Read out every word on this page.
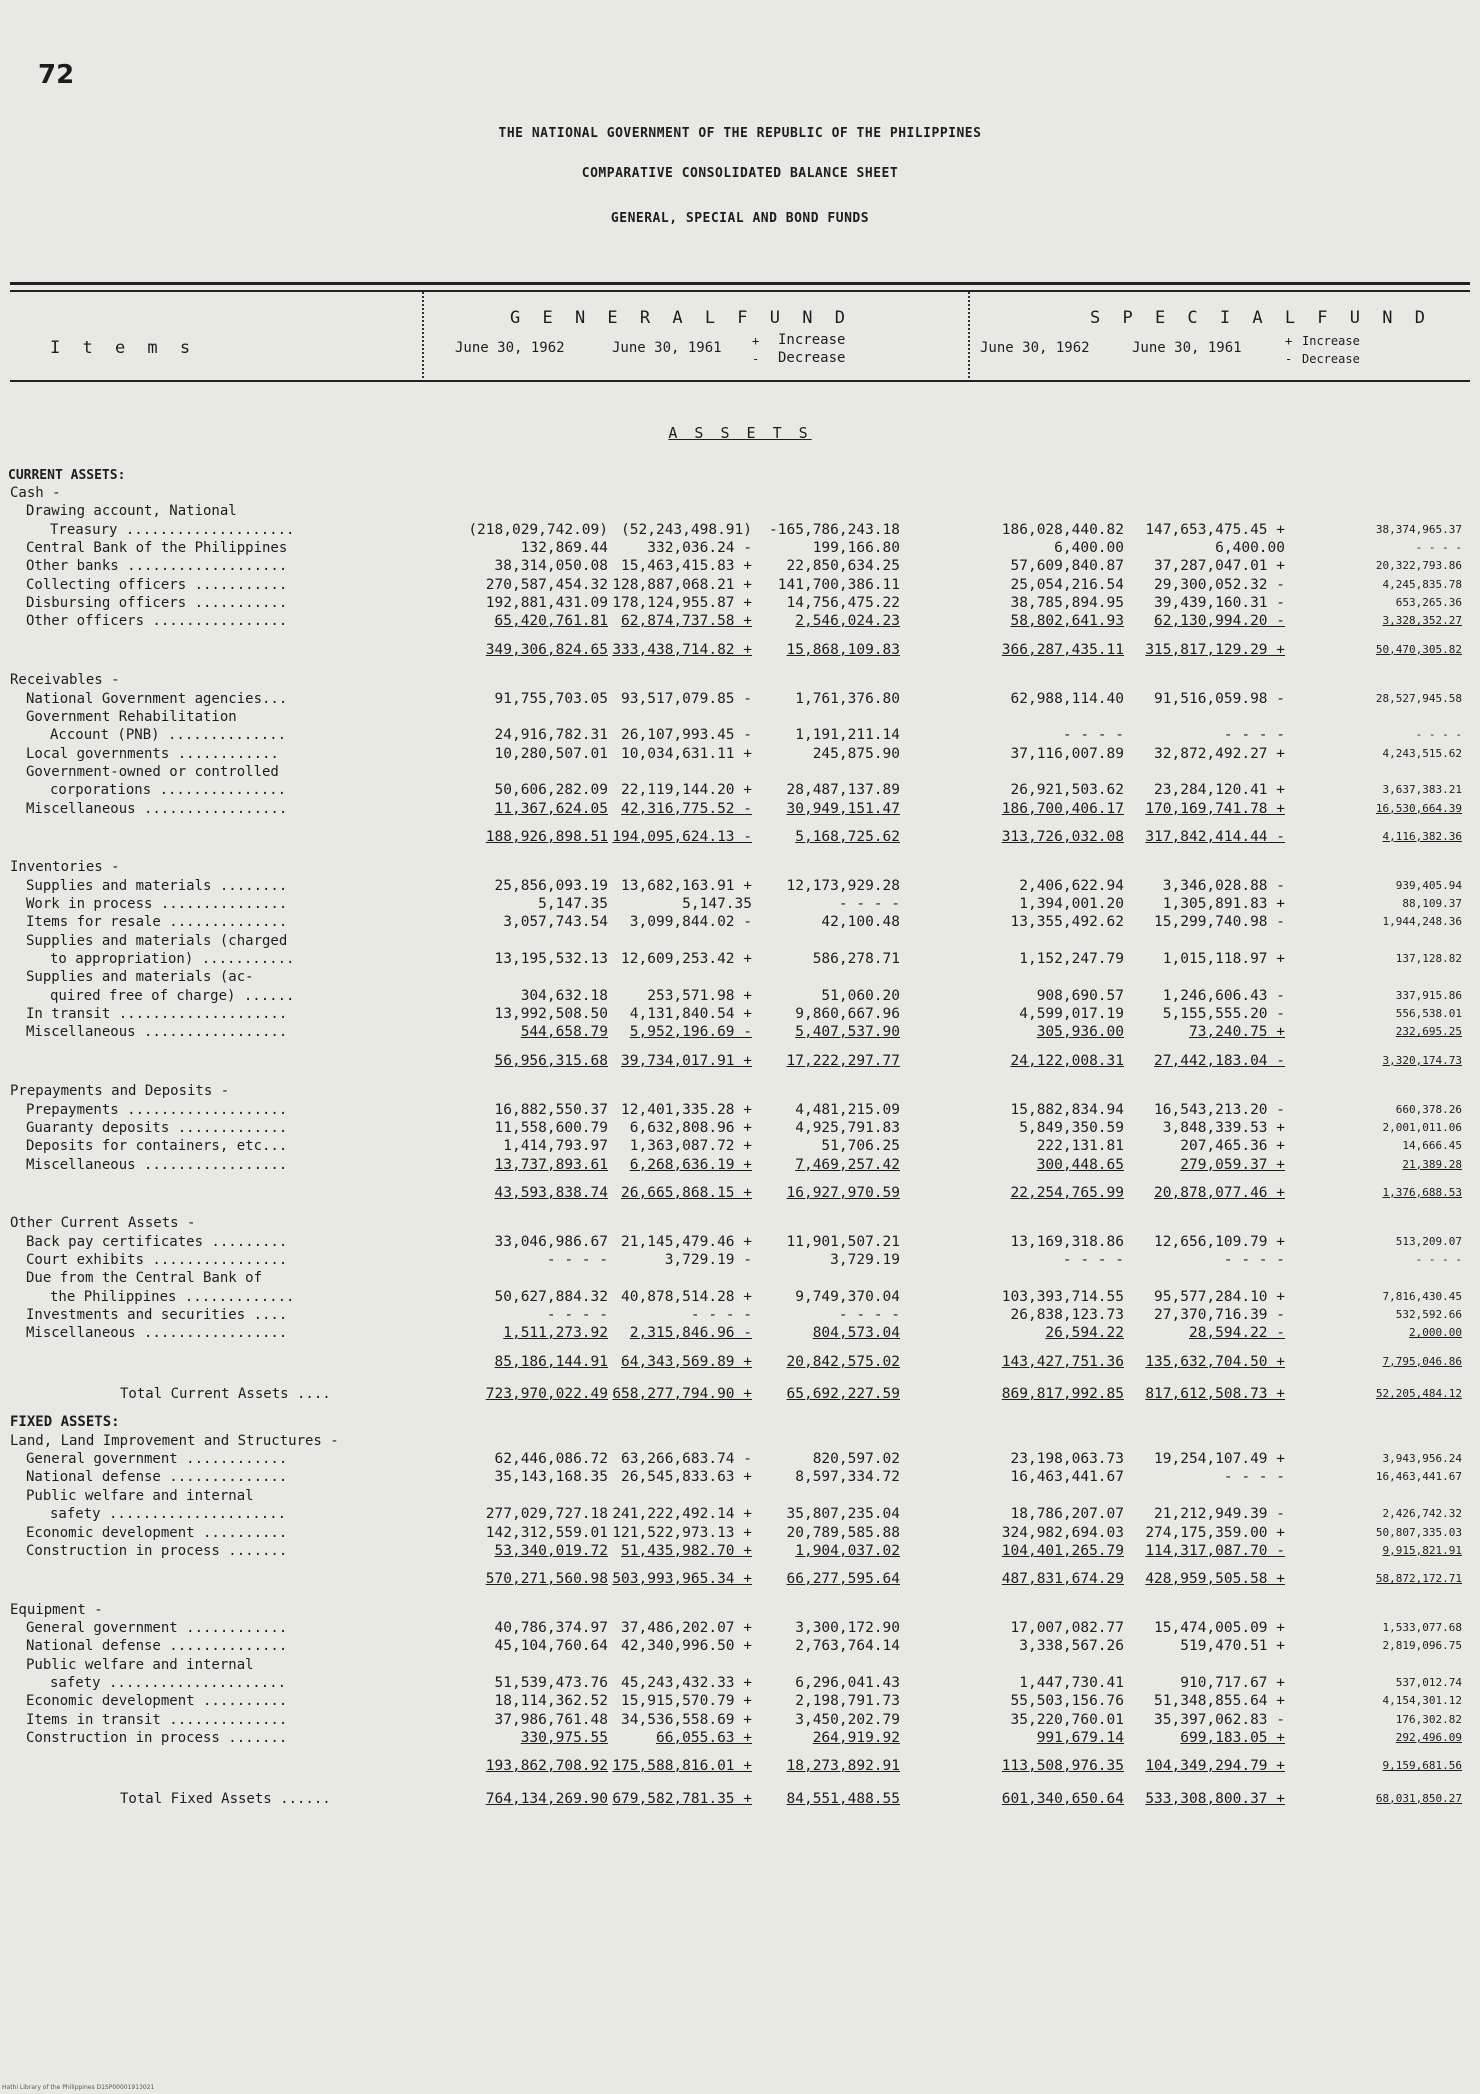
72
THE NATIONAL GOVERNMENT OF THE REPUBLIC OF THE PHILIPPINES
COMPARATIVE CONSOLIDATED BALANCE SHEET
GENERAL, SPECIAL AND BOND FUNDS
G E N E R A L F U N D	S P E C I A L F U N D
I t e m s	June 30, 1962	June 30, 1961	+
-
Increase
Decrease
June 30, 1962	June 30, 1961	+
-
Increase
Decrease
A S S E T S
CURRENT ASSETS:
Cash -
Drawing account, National
Treasury ....................	(218,029,742.09) (52,243,498.91)	-165,786,243.18	186,028,440.82	147,653,475.45 +	38,374,965.37
Central Bank of the Philippines	132,869.44	332,036.24 -	199,166.80	6,400.00	6,400.00	- - - -
Other banks ...................	38,314,050.08 15,463,415.83 +	22,850,634.25	57,609,840.87	37,287,047.01 +	20,322,793.86
Collecting officers ...........	270,587,454.32 128,887,068.21 +	141,700,386.11	25,054,216.54	29,300,052.32 -	4,245,835.78
Disbursing officers ...........	192,881,431.09 178,124,955.87 +	14,756,475.22	38,785,894.95	39,439,160.31 -	653,265.36
Other officers ................	65,420,761.81 62,874,737.58 +	2,546,024.23	58,802,641.93	62,130,994.20 -	3,328,352.27
349,306,824.65 333,438,714.82 +	15,868,109.83	366,287,435.11	315,817,129.29 +	50,470,305.82
Receivables -
National Government agencies...	91,755,703.05 93,517,079.85 -	1,761,376.80	62,988,114.40	91,516,059.98 -	28,527,945.58
Government Rehabilitation
Account (PNB) ..............	24,916,782.31 26,107,993.45 -	1,191,211.14	- - - -	- - - -	- - - -
Local governments ............	10,280,507.01 10,034,631.11 +	245,875.90	37,116,007.89	32,872,492.27 +	4,243,515.62
Government-owned or controlled
corporations ...............	50,606,282.09 22,119,144.20 +	28,487,137.89	26,921,503.62	23,284,120.41 +	3,637,383.21
Miscellaneous .................	11,367,624.05 42,316,775.52 -	30,949,151.47	186,700,406.17	170,169,741.78 +	16,530,664.39
188,926,898.51 194,095,624.13 -	5,168,725.62	313,726,032.08	317,842,414.44 -	4,116,382.36
Inventories -
Supplies and materials ........	25,856,093.19 13,682,163.91 +	12,173,929.28	2,406,622.94	3,346,028.88 -	939,405.94
Work in process ...............	5,147.35	5,147.35	- - - -	1,394,001.20	1,305,891.83 +	88,109.37
Items for resale ..............	3,057,743.54	3,099,844.02 -	42,100.48	13,355,492.62	15,299,740.98 -	1,944,248.36
Supplies and materials (charged
to appropriation) ...........	13,195,532.13 12,609,253.42 +	586,278.71	1,152,247.79	1,015,118.97 +	137,128.82
Supplies and materials (ac-
quired free of charge) ......	304,632.18	253,571.98 +	51,060.20	908,690.57	1,246,606.43 -	337,915.86
In transit ....................	13,992,508.50	4,131,840.54 +	9,860,667.96	4,599,017.19	5,155,555.20 -	556,538.01
Miscellaneous .................	544,658.79	5,952,196.69 -	5,407,537.90	305,936.00	73,240.75 +	232,695.25
56,956,315.68 39,734,017.91 +	17,222,297.77	24,122,008.31	27,442,183.04 -	3,320,174.73
Prepayments and Deposits -
Prepayments ...................	16,882,550.37 12,401,335.28 +	4,481,215.09	15,882,834.94	16,543,213.20 -	660,378.26
Guaranty deposits .............	11,558,600.79	6,632,808.96 +	4,925,791.83	5,849,350.59	3,848,339.53 +	2,001,011.06
Deposits for containers, etc...	1,414,793.97	1,363,087.72 +	51,706.25	222,131.81	207,465.36 +	14,666.45
Miscellaneous .................	13,737,893.61	6,268,636.19 +	7,469,257.42	300,448.65	279,059.37 +	21,389.28
43,593,838.74 26,665,868.15 +	16,927,970.59	22,254,765.99	20,878,077.46 +	1,376,688.53
Other Current Assets -
Back pay certificates .........	33,046,986.67 21,145,479.46 +	11,901,507.21	13,169,318.86	12,656,109.79 +	513,209.07
Court exhibits ................	- - - -	3,729.19 -	3,729.19	- - - -	- - - -	- - - -
Due from the Central Bank of
the Philippines .............	50,627,884.32 40,878,514.28 +	9,749,370.04	103,393,714.55	95,577,284.10 +	7,816,430.45
Investments and securities ....	- - - -	- - - -	- - - -	26,838,123.73	27,370,716.39 -	532,592.66
Miscellaneous .................	1,511,273.92	2,315,846.96 -	804,573.04	26,594.22	28,594.22 -	2,000.00
85,186,144.91 64,343,569.89 +	20,842,575.02	143,427,751.36	135,632,704.50 +	7,795,046.86
Total Current Assets ....	723,970,022.49 658,277,794.90 +	65,692,227.59	869,817,992.85	817,612,508.73 +	52,205,484.12
FIXED ASSETS:
Land, Land Improvement and Structures -
General government ............	62,446,086.72 63,266,683.74 -	820,597.02	23,198,063.73	19,254,107.49 +	3,943,956.24
National defense ..............	35,143,168.35 26,545,833.63 +	8,597,334.72	16,463,441.67	- - - -	16,463,441.67
Public welfare and internal
safety .....................	277,029,727.18 241,222,492.14 +	35,807,235.04	18,786,207.07	21,212,949.39 -	2,426,742.32
Economic development ..........	142,312,559.01 121,522,973.13 +	20,789,585.88	324,982,694.03	274,175,359.00 +	50,807,335.03
Construction in process .......	53,340,019.72 51,435,982.70 +	1,904,037.02	104,401,265.79	114,317,087.70 -	9,915,821.91
570,271,560.98 503,993,965.34 +	66,277,595.64	487,831,674.29	428,959,505.58 +	58,872,172.71
Equipment -
General government ............	40,786,374.97 37,486,202.07 +	3,300,172.90	17,007,082.77	15,474,005.09 +	1,533,077.68
National defense ..............	45,104,760.64 42,340,996.50 +	2,763,764.14	3,338,567.26	519,470.51 +	2,819,096.75
Public welfare and internal
safety .....................	51,539,473.76 45,243,432.33 +	6,296,041.43	1,447,730.41	910,717.67 +	537,012.74
Economic development ..........	18,114,362.52 15,915,570.79 +	2,198,791.73	55,503,156.76	51,348,855.64 +	4,154,301.12
Items in transit ..............	37,986,761.48 34,536,558.69 +	3,450,202.79	35,220,760.01	35,397,062.83 -	176,302.82
Construction in process .......	330,975.55	66,055.63 +	264,919.92	991,679.14	699,183.05 +	292,496.09
193,862,708.92 175,588,816.01 +	18,273,892.91	113,508,976.35	104,349,294.79 +	9,159,681.56
Total Fixed Assets ......	764,134,269.90 679,582,781.35 +	84,551,488.55	601,340,650.64	533,308,800.37 +	68,031,850.27
Hathi Library of the Philippines D1SP00001913021
